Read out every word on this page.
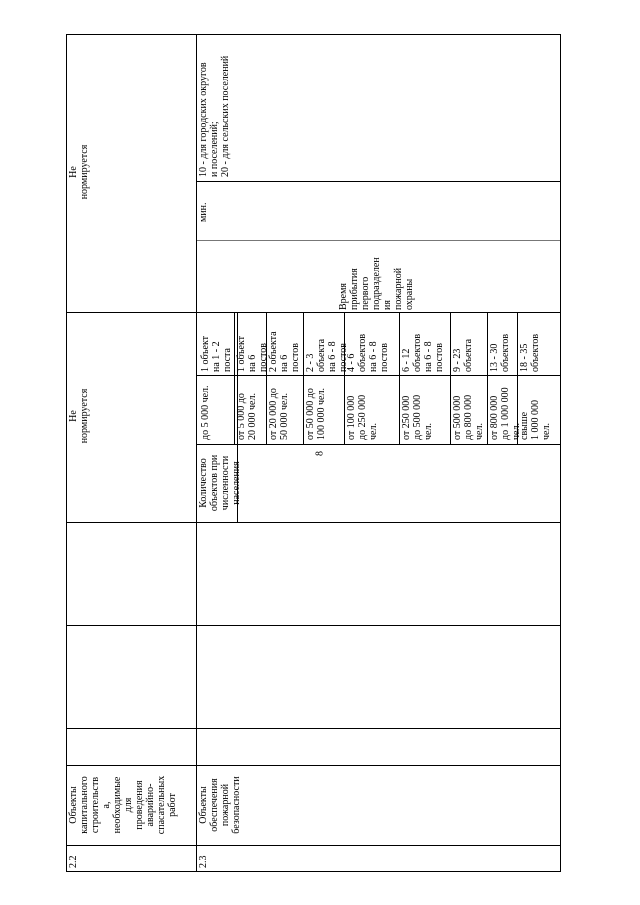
8
2.2
Объекты капитального строительств а, необходимые для проведения аварийно- спасательных работ
2.3
Объекты обеспечения пожарной безопасности
Не нормируется
Не нормируется
Количество объектов при численности населения
до 5 000 чел.	от 5 000 до 20 000 чел. от 20 000 до 50 000 чел. от 50 000 до 100 000 чел. от 100 000 до 250 000 чел. от 250 000 до 500 000 чел. от 500 000 до 800 000 чел. от 800 000 до 1 000 000 чел.
свыше 1 000 000 чел.
1 объект на 1 - 2 поста 1 объект на 6 постов 2 объекта на 6 постов 2 - 3 объекта на 6 - 8 постов
4 - 6 объектов на 6 - 8 постов 6 - 12 объектов на 6 - 8 постов 9 - 23 объекта 13 - 30 объектов 18 - 35 объектов
Время прибытия первого подразделен ия пожарной охраны
мин.
10 - для городских округов и поселений; 20 - для сельских поселений
